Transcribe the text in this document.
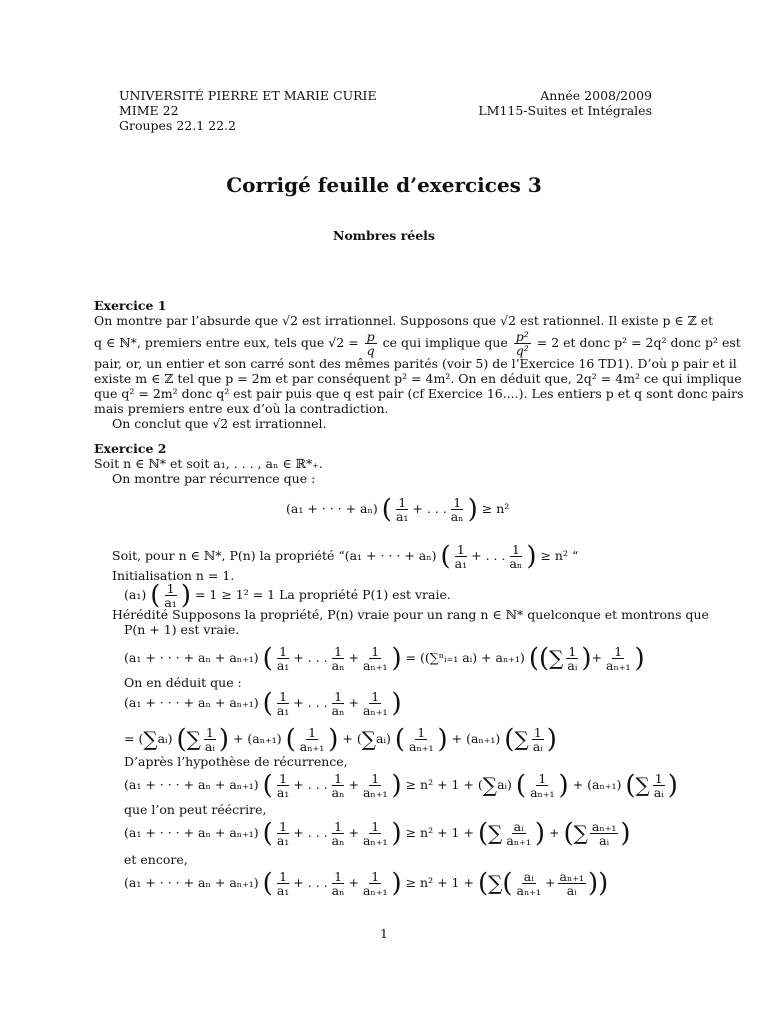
UNIVERSITÉ PIERRE ET MARIE CURIE
MIME 22
Groupes 22.1 22.2
Année 2008/2009
LM115-Suites et Intégrales
Corrigé feuille d’exercices 3
Nombres réels
Exercice 1
On montre par l’absurde que √2 est irrationnel. Supposons que √2 est rationnel. Il existe p ∈ ℤ et
q ∈ ℕ*, premiers entre eux, tels que $√2 = \frac{p}{q}$ ce qui implique que $\frac{\text{p²}}{\text{q²}} = 2$ et donc p² = 2q² donc p² est
pair, or, un entier et son carré sont des mêmes parités (voir 5) de l’Exercice 16 TD1). D’où p pair et il
existe m ∈ ℤ tel que p = 2m et par conséquent p² = 4m². On en déduit que, 2q² = 4m² ce qui implique
que q² = 2m² donc q² est pair puis que q est pair (cf Exercice 16....). Les entiers p et q sont donc pairs
mais premiers entre eux d’où la contradiction.
On conclut que √2 est irrationnel.
Exercice 2
Soit n ∈ ℕ* et soit a₁, . . . , aₙ ∈ ℝ*₊.
On montre par récurrence que :
(a₁ + · · · + aₙ) ( $\frac{1}{\text{a₁}}$ + . . . $\frac{1}{\text{aₙ}}$ ) ≥ n²
Soit, pour n ∈ ℕ*, P(n) la propriété “(a₁ + · · · + aₙ) ( $\frac{1}{\text{a₁}}$ + . . . $\frac{1}{\text{aₙ}}$ ) ≥ n² “
Initialisation n = 1.
(a₁) ( $\frac{1}{\text{a₁}}$ ) = 1 ≥ 1² = 1 La propriété P(1) est vraie.
Hérédité Supposons la propriété, P(n) vraie pour un rang n ∈ ℕ* quelconque et montrons que
P(n + 1) est vraie.
(a₁ + · · · + aₙ + aₙ₊₁) ( $\frac{1}{\text{a₁}}$ + . . . $\frac{1}{\text{aₙ}} + \frac{1}{\text{aₙ₊₁}}$ ) = ((∑ⁿᵢ₌₁ aᵢ) + aₙ₊₁) ((∑ $\frac{1}{\text{aᵢ}}$ )+ $\frac{1}{\text{aₙ₊₁}}$ )
On en déduit que :
(a₁ + · · · + aₙ + aₙ₊₁) ( $\frac{1}{\text{a₁}}$ + . . . $\frac{1}{\text{aₙ}} + \frac{1}{\text{aₙ₊₁}}$ )
= (∑aᵢ) (∑ $\frac{1}{\text{aᵢ}}$ ) + (aₙ₊₁) ( $\frac{1}{\text{aₙ₊₁}}$ ) + (∑aᵢ) ( $\frac{1}{\text{aₙ₊₁}}$ ) + (aₙ₊₁) (∑ $\frac{1}{\text{aᵢ}}$ )
D’après l’hypothèse de récurrence,
(a₁ + · · · + aₙ + aₙ₊₁) ( $\frac{1}{\text{a₁}}$ + . . . $\frac{1}{\text{aₙ}} + \frac{1}{\text{aₙ₊₁}}$ ) ≥ n² + 1 + (∑aᵢ) ( $\frac{1}{\text{aₙ₊₁}}$ ) + (aₙ₊₁) (∑ $\frac{1}{\text{aᵢ}}$ )
que l’on peut réécrire,
(a₁ + · · · + aₙ + aₙ₊₁) ( $\frac{1}{\text{a₁}}$ + . . . $\frac{1}{\text{aₙ}} + \frac{1}{\text{aₙ₊₁}}$ ) ≥ n² + 1 + (∑ $\frac{\text{aᵢ}}{\text{aₙ₊₁}}$ ) + (∑ $\frac{\text{aₙ₊₁}}{\text{aᵢ}}$ )
et encore,
(a₁ + · · · + aₙ + aₙ₊₁) ( $\frac{1}{\text{a₁}}$ + . . . $\frac{1}{\text{aₙ}} + \frac{1}{\text{aₙ₊₁}}$ ) ≥ n² + 1 + (∑( $\frac{\text{aᵢ}}{\text{aₙ₊₁}} + \frac{\text{aₙ₊₁}}{\text{aᵢ}}$ ))
1
